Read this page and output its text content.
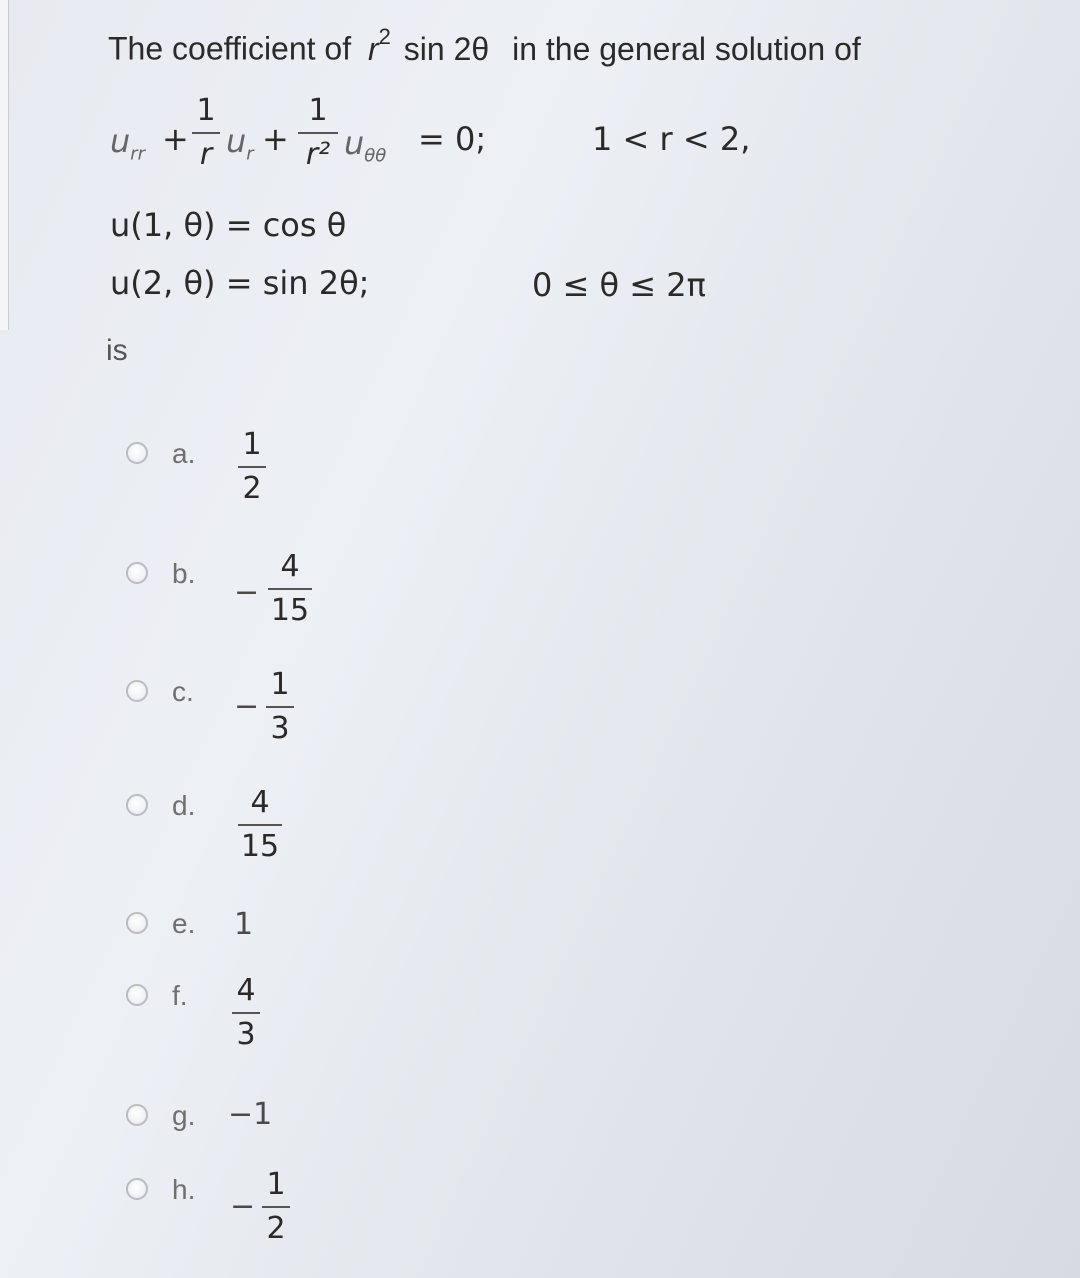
The coefficient of $r^2$ sin 2θ in the general solution of
$u_{rr}$ +
1
r $u_r$ +
1
r² $u_{\theta\theta} = 0$;	1 < r < 2,
u(1, θ) = cos θ
u(2, θ) = sin 2θ;	0 ≤ θ ≤ 2π
is
a. 1
2
b.
−
4
15
c. −
1
3
d.	4
15
e. 1
f. 4
3
g. −1
h. −
1
2
